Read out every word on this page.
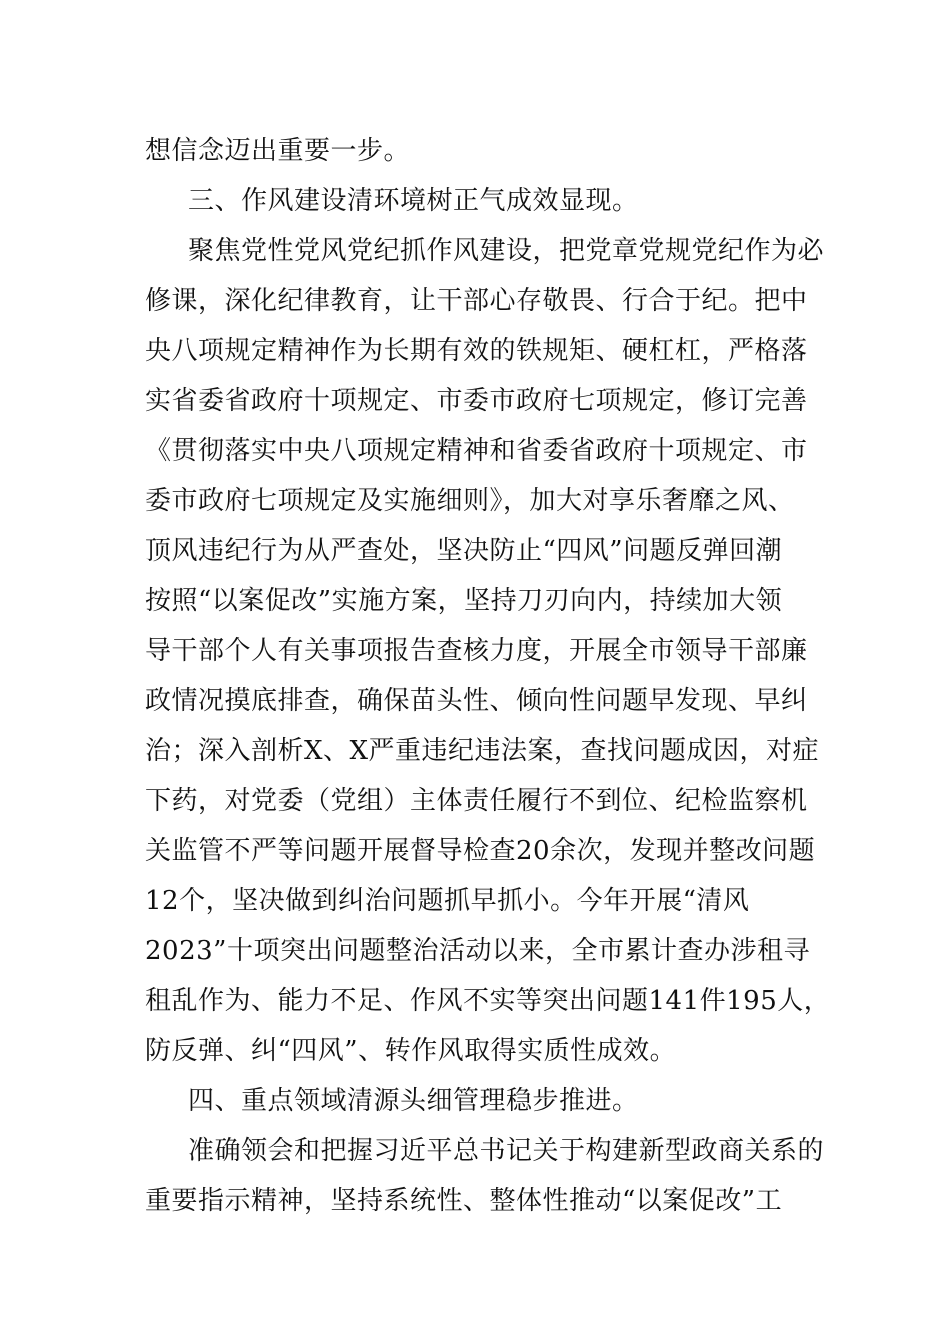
想信念迈出重要一步。
三、作风建设清环境树正气成效显现。
聚焦党性党风党纪抓作风建设，把党章党规党纪作为必
修课，深化纪律教育，让干部心存敬畏、行合于纪。把中
央八项规定精神作为长期有效的铁规矩、硬杠杠，严格落
实省委省政府十项规定、市委市政府七项规定，修订完善
《贯彻落实中央八项规定精神和省委省政府十项规定、市
委市政府七项规定及实施细则》，加大对享乐奢靡之风、
顶风违纪行为从严查处，坚决防止“四风”问题反弹回潮
按照“以案促改”实施方案，坚持刀刃向内，持续加大领
导干部个人有关事项报告查核力度，开展全市领导干部廉
政情况摸底排查，确保苗头性、倾向性问题早发现、早纠
治；深入剖析X、X严重违纪违法案，查找问题成因，对症
下药，对党委（党组）主体责任履行不到位、纪检监察机
关监管不严等问题开展督导检查20余次，发现并整改问题
12个，坚决做到纠治问题抓早抓小。今年开展“清风
2023”十项突出问题整治活动以来，全市累计查办涉租寻
租乱作为、能力不足、作风不实等突出问题141件195人，
防反弹、纠“四风”、转作风取得实质性成效。
四、重点领域清源头细管理稳步推进。
准确领会和把握习近平总书记关于构建新型政商关系的
重要指示精神，坚持系统性、整体性推动“以案促改”工
